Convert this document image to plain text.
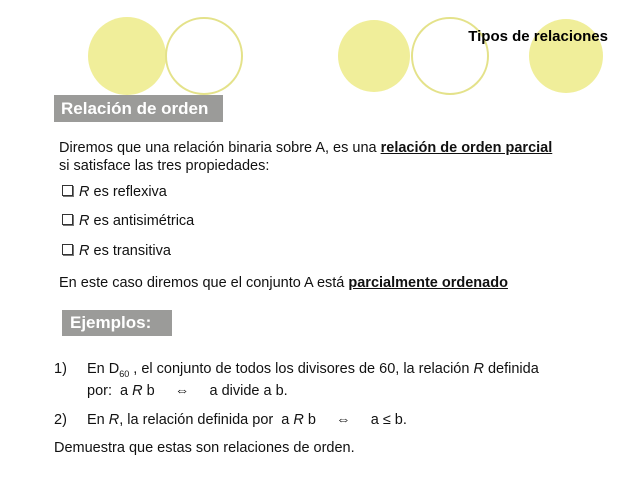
Tipos de relaciones
Relación de orden
Diremos que una relación binaria sobre A, es una relación de orden parcial
si satisface las tres propiedades:
R es reflexiva
R es antisimétrica
R es transitiva
En este caso diremos que el conjunto A está parcialmente ordenado
Ejemplos:
1) En $D_{60}$ , el conjunto de todos los divisores de 60, la relación R definida
por:  a R b     ⇔     a divide a b.
2) En R, la relación definida por  a R b     ⇔     a ≤ b.
Demuestra que estas son relaciones de orden.
